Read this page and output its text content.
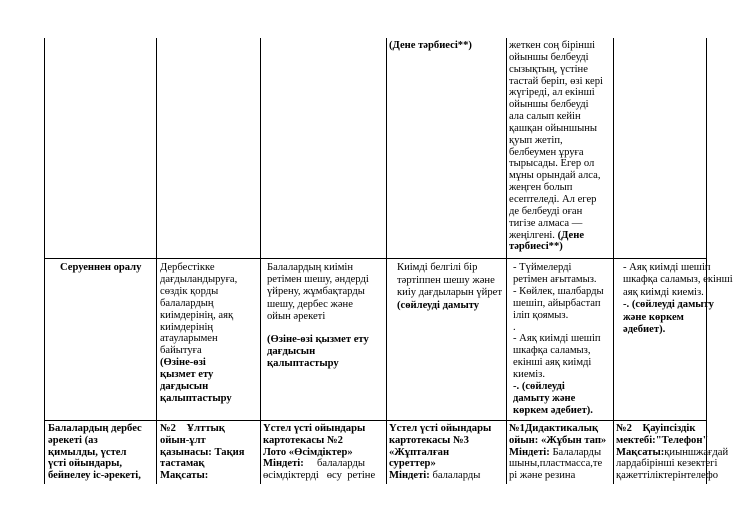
(Дене тәрбиесі**)	жеткен соң біріншi
ойыншы белбеуді
сызықтың, үстіне
тастай беріп, өзі кері
жүгіреді, ал екінші
ойыншы белбеуді
ала салып кейін
қашқан ойыншыны
қуып жетіп,
белбеумен ұруға
тырысады. Егер ол
мұны орындай алса,
жеңген болып
есептеледі. Ал егер
де белбеуді оған
тигізе алмаса —
жеңілгені. (Дене
тәрбиесі**)
Серуеннен оралу Дербестікке
дағдыландыруға,
сөздік қорды
балалардың
киімдерінің, аяқ
киімдерінің
атауларымен
байытуға
(Өзіне-өзі
қызмет ету
дағдысын
қалыптастыру
Балалардың киімін
ретімен шешу, әндерді
үйрену, жұмбақтарды
шешу, дербес және
ойын әрекеті
(Өзіне-өзі қызмет ету
дағдысын
қалыптастыру
Киімді белгілі бір
тәртіппен шешу және
киіу дағдыларын үйрет
(сөйлеуді дамыту
- Түймелерді
ретімен ағытамыз.
- Көйлек, шалбарды
шешіп, айырбастап
іліп қоямыз.
.
- Аяқ киімді шешіп
шкафқа саламыз,
екінші аяқ киімді
киеміз.
-. (сөйлеуді
дамыту және
көркем әдебиет).
- Аяқ киімді шешіп
шкафқа саламыз, екінші
аяқ киімді киеміз.
-. (сөйлеуді дамыту
және көркем
әдебиет).
Балалардың дербес
әрекеті (аз
қимылды, үстел
үсті ойындары,
бейнелеу іс-әрекеті,
№2    Ұлттық
ойын-ұлт
қазынасы: Тақия
тастамақ
Мақсаты:
Үстел үсті ойындары
картотекасы №2
Лото «Өсімдіктер»
Міндеті:     балаларды
өсімдіктерді   өсу  ретіне
Үстел үсті ойындары
картотекасы №3
«Жұпталған
суреттер»
Міндеті: балаларды
№1Дидактикалық
ойын: «Жұбын тап»
Міндеті: Балаларды
шыны,пластмасса,те
рі және резина
№2    Қауіпсіздік
мектебі:"Телефон"
Мақсаты:қиыншжағдай
лардабірінші кезектегі
қажеттіліктерінтелефо
